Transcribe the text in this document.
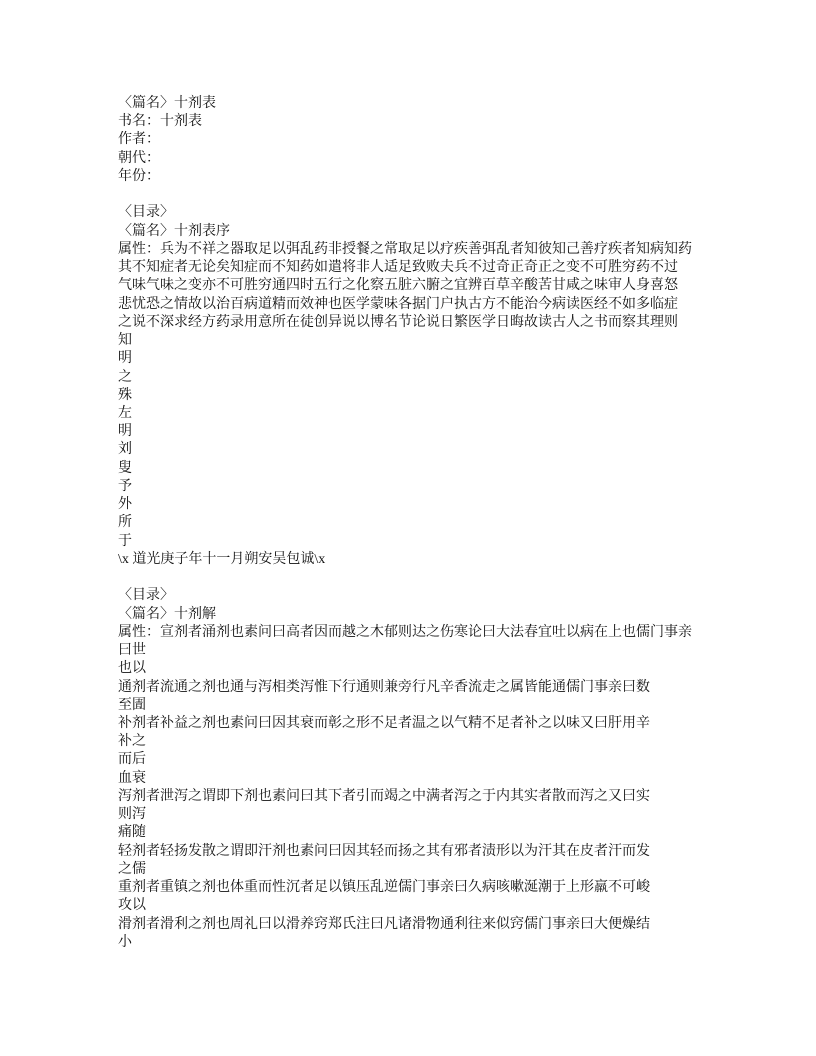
〈篇名〉十剂表
书名：十剂表
作者：
朝代：
年份：
〈目录〉
〈篇名〉十剂表序
属性：兵为不祥之器取足以弭乱药非授餐之常取足以疗疾善弭乱者知彼知己善疗疾者知病知药
其不知症者无论矣知症而不知药如遣将非人适足致败夫兵不过奇正奇正之变不可胜穷药不过
气味气味之变亦不可胜穷通四时五行之化察五脏六腑之宜辨百草辛酸苦甘咸之味审人身喜怒
悲忧恐之情故以治百病道精而效神也医学蒙味各据门户执古方不能治今病读医经不如多临症
之说不深求经方药录用意所在徒创异说以博名节论说日繁医学日晦故读古人之书而察其理则
知
明
之
殊
左
明
刘
叟
予
外
所
于
\x 道光庚子年十一月朔安吴包诚\x
〈目录〉
〈篇名〉十剂解
属性：宣剂者涌剂也素问曰高者因而越之木郁则达之伤寒论曰大法春宜吐以病在上也儒门事亲
曰世
也以
通剂者流通之剂也通与泻相类泻惟下行通则兼旁行凡辛香流走之属皆能通儒门事亲曰数
至圊
补剂者补益之剂也素问曰因其衰而彰之形不足者温之以气精不足者补之以味又曰肝用辛
补之
而后
血衰
泻剂者泄泻之谓即下剂也素问曰其下者引而竭之中满者泻之于内其实者散而泻之又曰实
则泻
痛随
轻剂者轻扬发散之谓即汗剂也素问曰因其轻而扬之其有邪者渍形以为汗其在皮者汗而发
之儒
重剂者重镇之剂也体重而性沉者足以镇压乱逆儒门事亲曰久病咳嗽涎潮于上形羸不可峻
攻以
滑剂者滑利之剂也周礼曰以滑养窍郑氏注曰凡诸滑物通利往来似窍儒门事亲曰大便燥结
小
